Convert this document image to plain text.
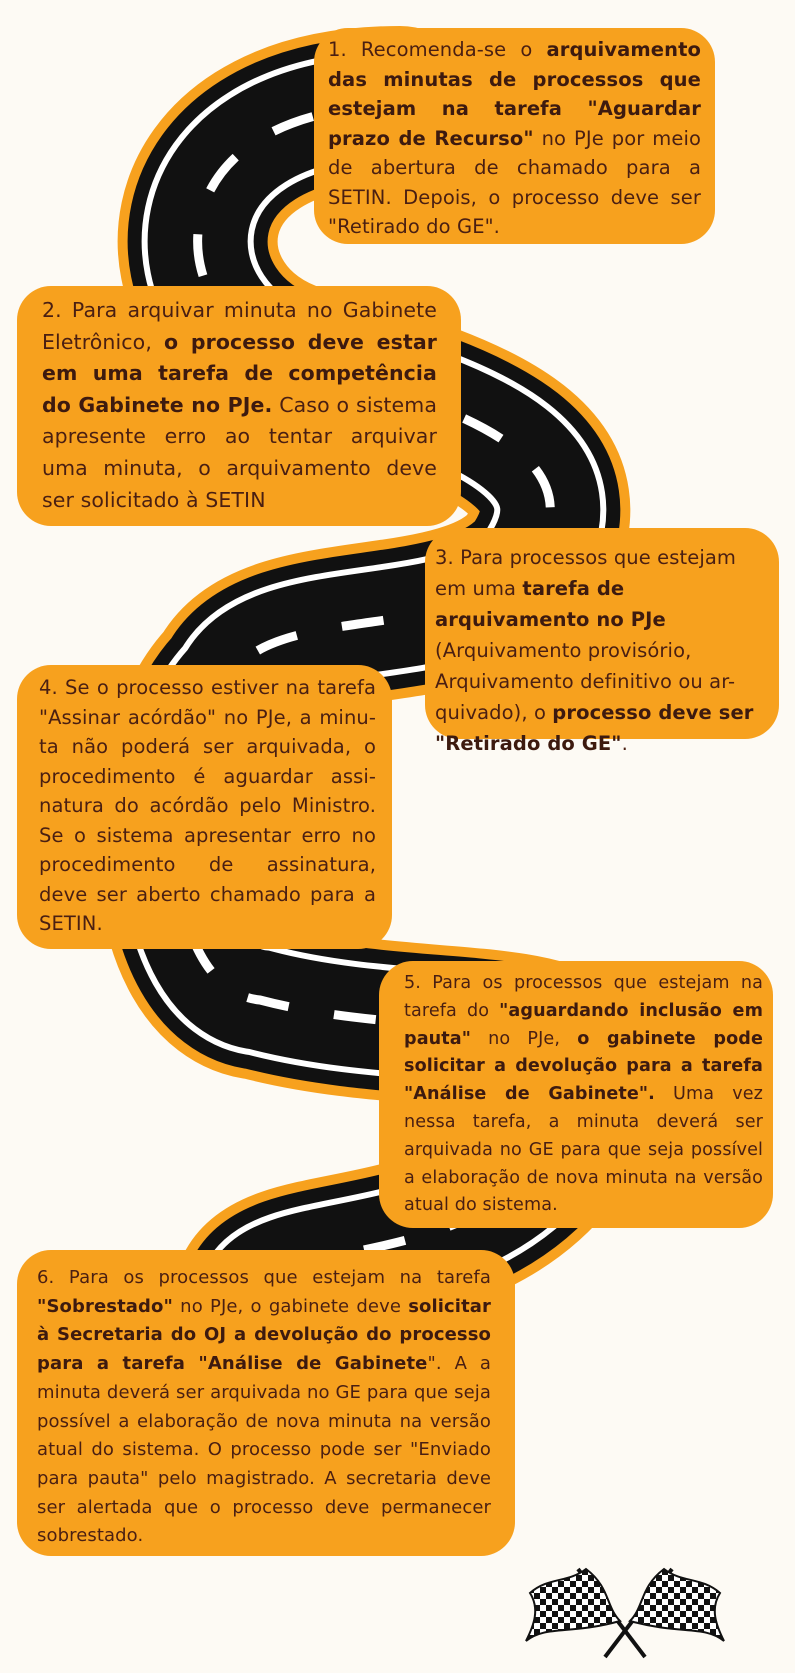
1. Recomenda-se o arquivamento das minutas de processos que estejam na tarefa "Aguardar prazo de Recurso" no PJe por meio de abertura de chamado para a SETIN. Depois, o processo deve ser "Retirado do GE".
2. Para arquivar minuta no Gabinete Eletrônico, o processo deve estar em uma tarefa de competência do Gabinete no PJe. Caso o sistema apresente erro ao tentar arquivar uma minuta, o arquivamento deve ser solicitado à SETIN
3. Para processos que estejam em uma tarefa de arquivamento no PJe (Arquivamento provisório, Arquivamento definitivo ou ar-quivado), o processo deve ser "Retirado do GE".
4. Se o processo estiver na tarefa "Assinar acórdão" no PJe, a minu-ta não poderá ser arquivada, o procedimento é aguardar assi-natura do acórdão pelo Ministro. Se o sistema apresentar erro no procedimento de assinatura, deve ser aberto chamado para a SETIN.
5. Para os processos que estejam na tarefa do "aguardando inclusão em pauta" no PJe, o gabinete pode solicitar a devolução para a tarefa "Análise de Gabinete". Uma vez nessa tarefa, a minuta deverá ser arquivada no GE para que seja possível a elaboração de nova minuta na versão atual do sistema.
6. Para os processos que estejam na tarefa "Sobrestado" no PJe, o gabinete deve solicitar à Secretaria do OJ a devolução do processo para a tarefa "Análise de Gabinete". A a minuta deverá ser arquivada no GE para que seja possível a elaboração de nova minuta na versão atual do sistema. O processo pode ser "Enviado para pauta" pelo magistrado. A secretaria deve ser alertada que o processo deve permanecer sobrestado.
